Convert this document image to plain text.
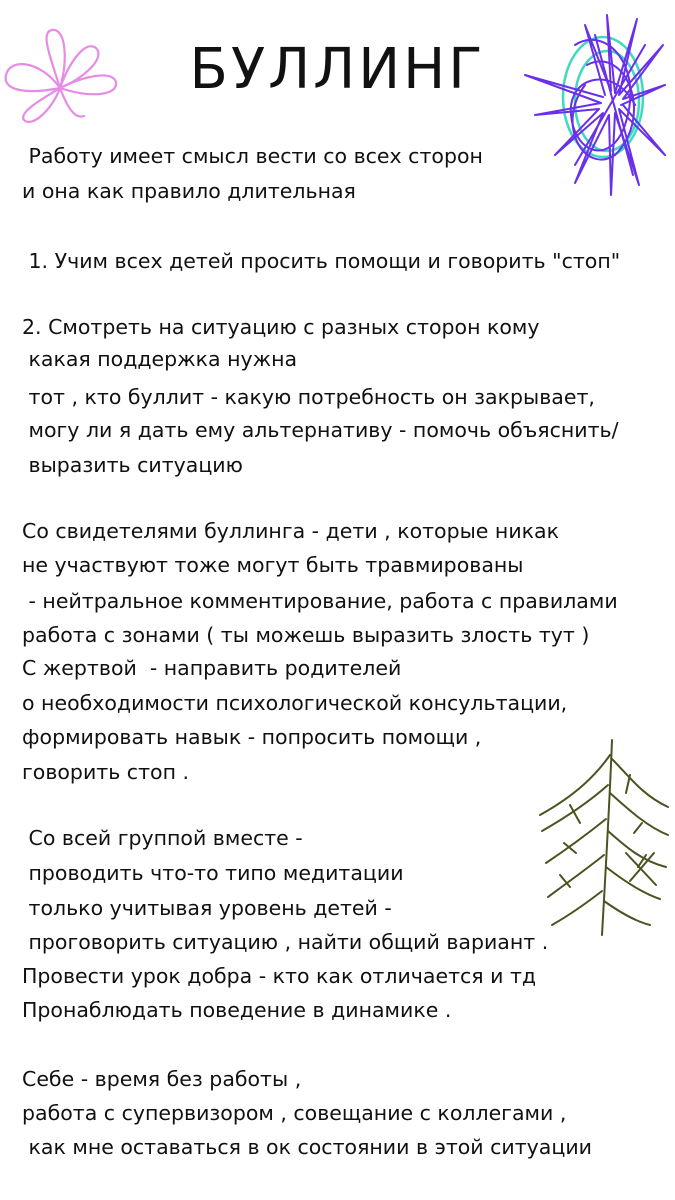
БУЛЛИНГ
Работу имеет смысл вести со всех сторон
и она как правило длительная
1. Учим всех детей просить помощи и говорить "стоп"
2. Смотреть на ситуацию с разных сторон кому
какая поддержка нужна
тот , кто буллит - какую потребность он закрывает,
могу ли я дать ему альтернативу - помочь объяснить/
выразить ситуацию
Со свидетелями буллинга - дети , которые никак
не участвуют тоже могут быть травмированы
- нейтральное комментирование, работа с правилами
работа с зонами ( ты можешь выразить злость тут )
С жертвой  - направить родителей
о необходимости психологической консультации,
формировать навык - попросить помощи ,
говорить стоп .
Со всей группой вместе -
проводить что-то типо медитации
только учитывая уровень детей -
проговорить ситуацию , найти общий вариант .
Провести урок добра - кто как отличается и тд
Пронаблюдать поведение в динамике .
Себе - время без работы ,
работа с супервизором , совещание с коллегами ,
как мне оставаться в ок состоянии в этой ситуации
